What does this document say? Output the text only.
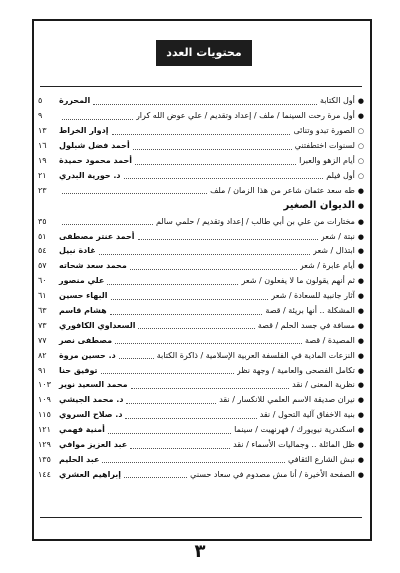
محتويات العدد
●
أول الكتابة
المحررة
٥
●
أول مرة رحت السينما / ملف / إعداد وتقديم / علي عوض الله كرار
٩
○
الصورة تبدو وتنائى
إدوار الخراط
١٣
○
لسنوات اختطفتني
أحمد فضل شبلول
١٦
○
أيام الزهو والعبرا
أحمد محمود حميدة
١٩
○
أول فيلم
د. حورية البدري
٢١
●
طه سعد عثمان شاعر من هذا الزمان / ملف
٢٣
●
الديوان الصغير
●
مختارات من علي بن أبي طالب / إعداد وتقديم / حلمي سالم
٣٥
●
نبتة / شعر
أحمد عنتر مصطفى
٥١
●
ابتذال / شعر
غادة نبيل
٥٤
●
أيام عابرة / شعر
محمد سعد شحاته
٥٧
●
ثم أنهم يقولون ما لا يفعلون / شعر
علي منصور
٦٠
●
آثار جانبية للسعادة / شعر
البهاء حسين
٦١
●
المشكلة .. أنها بريئة / قصة
هشام قاسم
٦٣
●
مسافة في جسد الحلم / قصة
السعداوي الكافوري
٧٣
●
المصيدة / قصة
مصطفى نصر
٧٧
●
النزعات المادية في الفلسفة العربية الإسلامية / ذاكرة الكتابة
د. حسين مروة
٨٢
●
تكامل الفصحى والعامية / وجهة نظر
توفيق حنا
٩١
●
نظرية المعنى / نقد
محمد السعيد نوير
١٠٣
●
نيران صديقة الاسم العلمي للانكسار / نقد
د. محمد الجيشي
١٠٩
●
بنية الاخفاق آلية التحول / نقد
د. صلاح السروي
١١٥
●
اسكندرية نيويورك / فهرنهيت / سينما
أمنية فهمي
١٢١
●
ظل المائلة .. وجماليات الأسماء / نقد
عبد العزيز موافي
١٢٩
●
نبش الشارع الثقافي
عبد الحليم
١٣٥
●
الصفحة الأخيرة / أنا مش مصدوم في سعاد حسني
إبراهيم العشري
١٤٤
٣
